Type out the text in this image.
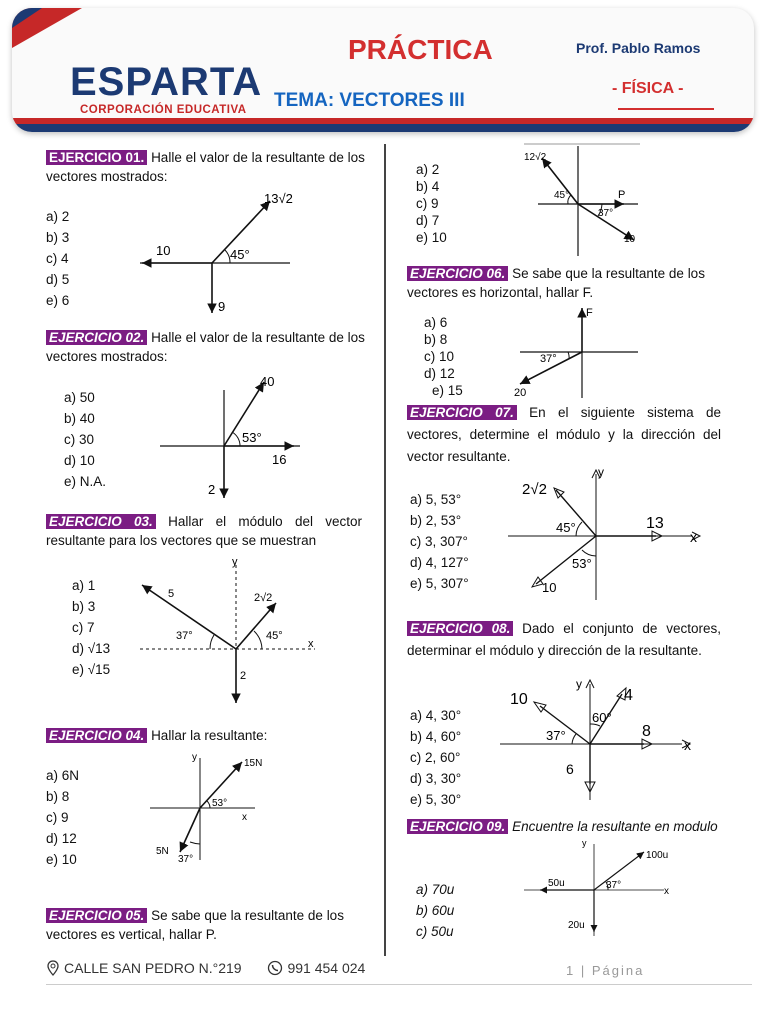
ESPARTA
CORPORACIÓN EDUCATIVA
PRÁCTICA
TEMA: VECTORES III
Prof. Pablo Ramos
- FÍSICA -
EJERCICIO 01. Halle el valor de la resultante de los vectores mostrados:
a) 2
b) 3
c) 4
d) 5
e) 6
13√2
10	45°
9
EJERCICIO 02. Halle el valor de la resultante de los vectores mostrados:
a) 50
b) 40
c) 30
d) 10
e) N.A.
40
53°
16
2
EJERCICIO 03. Hallar el módulo del vector resultante para los vectores que se muestran
a) 1
b) 3
c) 7
d) √13
e) √15
y
5	2√2
37°	45°
x
2
EJERCICIO 04. Hallar la resultante:
a) 6N
b) 8
c) 9
d) 12
e) 10
y
15N
53°
x
5N
37°
EJERCICIO 05. Se sabe que la resultante de los vectores es vertical, hallar P.
a) 2
b) 4
c) 9
d) 7
e) 10
12√2
45°	P
37°
10
EJERCICIO 06. Se sabe que la resultante de los vectores es horizontal, hallar F.
a) 6
b) 8
c) 10
d) 12
e) 15
F
37°
20
EJERCICIO 07. En el siguiente sistema de vectores, determine el módulo y la dirección del vector resultante.
a) 5, 53°
b) 2, 53°
c) 3, 307°
d) 4, 127°
e) 5, 307°
y
2√2
45°	13
x
53°
10
EJERCICIO 08. Dado el conjunto de vectores, determinar el módulo y dirección de la resultante.
a) 4, 30°
b) 4, 60°
c) 2, 60°
d) 3, 30°
e) 5, 30°
y
10	4
60°
37°	8
x
6
EJERCICIO 09. Encuentre la resultante en modulo
a) 70u
b) 60u
c) 50u
y
100u
50u	37°
x
20u
CALLE SAN PEDRO N.°219	991 454 024	1 | Página
